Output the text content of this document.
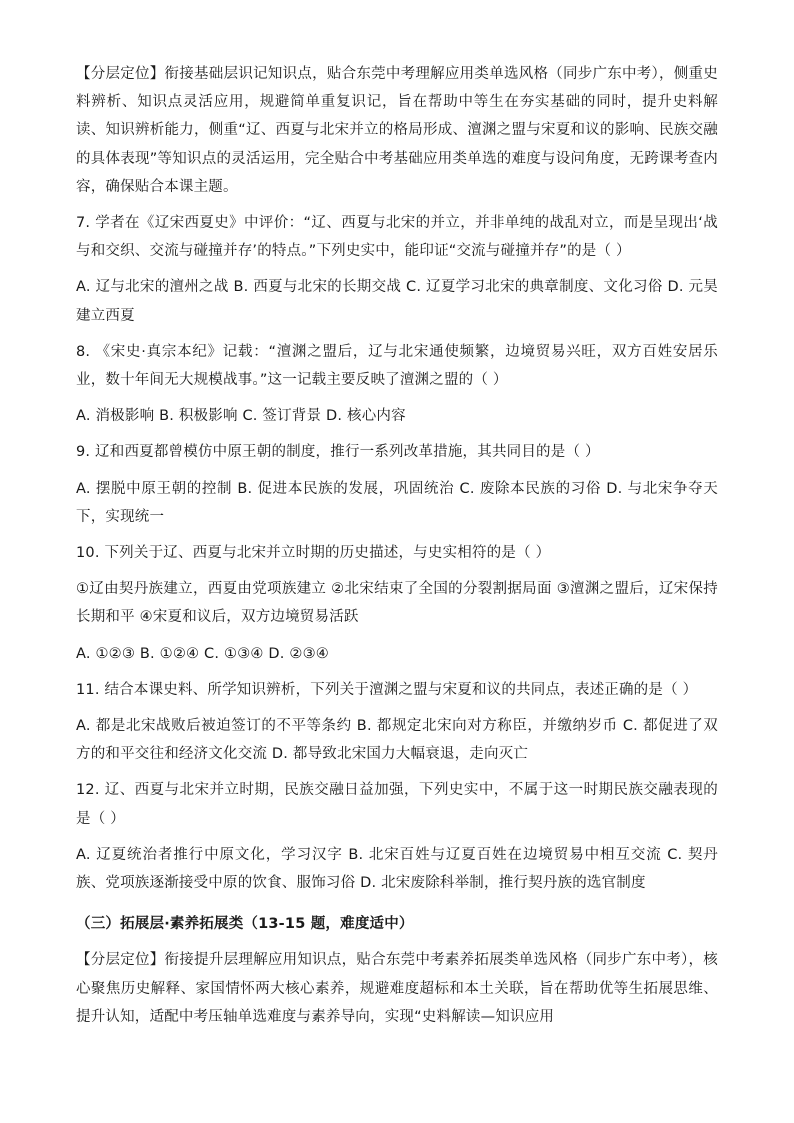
【分层定位】衔接基础层识记知识点，贴合东莞中考理解应用类单选风格（同步广东中考），侧重史料辨析、知识点灵活应用，规避简单重复识记，旨在帮助中等生在夯实基础的同时，提升史料解读、知识辨析能力，侧重“辽、西夏与北宋并立的格局形成、澶渊之盟与宋夏和议的影响、民族交融的具体表现”等知识点的灵活运用，完全贴合中考基础应用类单选的难度与设问角度，无跨课考查内容，确保贴合本课主题。

7. 学者在《辽宋西夏史》中评价：“辽、西夏与北宋的并立，并非单纯的战乱对立，而是呈现出‘战与和交织、交流与碰撞并存’的特点。”下列史实中，能印证“交流与碰撞并存”的是（ ）

A. 辽与北宋的澶州之战 B. 西夏与北宋的长期交战 C. 辽夏学习北宋的典章制度、文化习俗 D. 元昊建立西夏

8. 《宋史·真宗本纪》记载：“澶渊之盟后，辽与北宋通使频繁，边境贸易兴旺，双方百姓安居乐业，数十年间无大规模战事。”这一记载主要反映了澶渊之盟的（ ）

A. 消极影响 B. 积极影响 C. 签订背景 D. 核心内容

9. 辽和西夏都曾模仿中原王朝的制度，推行一系列改革措施，其共同目的是（ ）

A. 摆脱中原王朝的控制 B. 促进本民族的发展，巩固统治 C. 废除本民族的习俗 D. 与北宋争夺天下，实现统一

10. 下列关于辽、西夏与北宋并立时期的历史描述，与史实相符的是（ ）

①辽由契丹族建立，西夏由党项族建立 ②北宋结束了全国的分裂割据局面 ③澶渊之盟后，辽宋保持长期和平 ④宋夏和议后，双方边境贸易活跃

A. ①②③ B. ①②④ C. ①③④ D. ②③④

11. 结合本课史料、所学知识辨析，下列关于澶渊之盟与宋夏和议的共同点，表述正确的是（ ）

A. 都是北宋战败后被迫签订的不平等条约 B. 都规定北宋向对方称臣，并缴纳岁币 C. 都促进了双方的和平交往和经济文化交流 D. 都导致北宋国力大幅衰退，走向灭亡

12. 辽、西夏与北宋并立时期，民族交融日益加强，下列史实中，不属于这一时期民族交融表现的是（ ）

A. 辽夏统治者推行中原文化，学习汉字 B. 北宋百姓与辽夏百姓在边境贸易中相互交流 C. 契丹族、党项族逐渐接受中原的饮食、服饰习俗 D. 北宋废除科举制，推行契丹族的选官制度

（三）拓展层·素养拓展类（13-15 题，难度适中）

【分层定位】衔接提升层理解应用知识点，贴合东莞中考素养拓展类单选风格（同步广东中考），核心聚焦历史解释、家国情怀两大核心素养，规避难度超标和本土关联，旨在帮助优等生拓展思维、提升认知，适配中考压轴单选难度与素养导向，实现“史料解读—知识应用
